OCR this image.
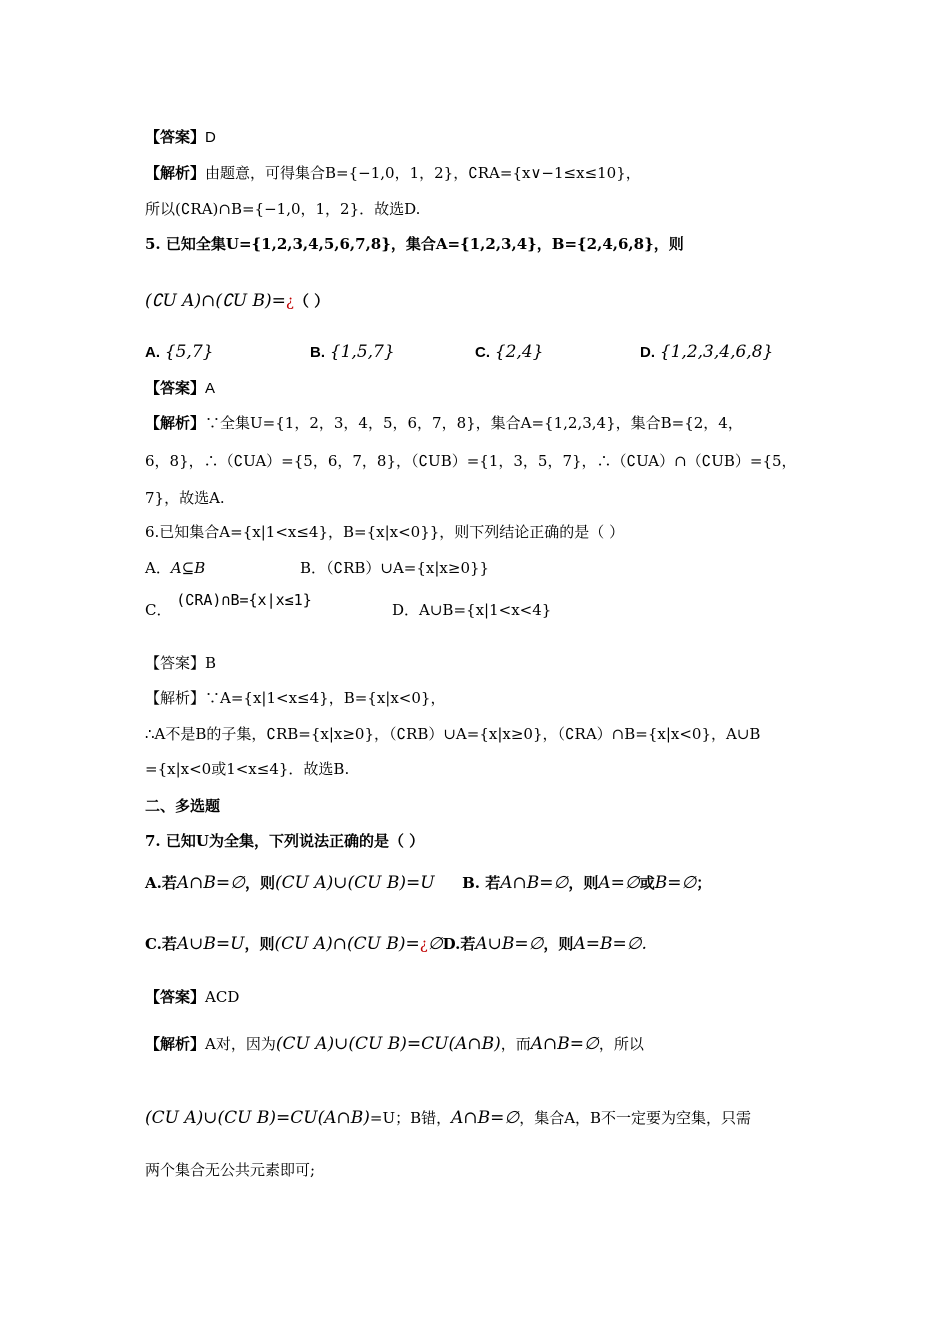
【答案】D
【解析】由题意，可得集合B={−1,0，1，2}，∁RA={x∨−1≤x≤10}，
所以(∁RA)∩B={−1,0，1，2}．故选D.
5. 已知全集U={1,2,3,4,5,6,7,8}，集合A={1,2,3,4}，B={2,4,6,8}，则
(∁U A)∩(∁U B)=¿（ ）
A. {5,7}	B. {1,5,7}	C. {2,4}	D. {1,2,3,4,6,8}
【答案】A
【解析】∵全集U={1，2，3，4，5，6，7，8}，集合A={1,2,3,4}，集合B={2，4，
6，8}，∴（∁UA）={5，6，7，8}，（∁UB）={1，3，5，7}，∴（∁UA）∩（∁UB）={5，
7}，故选A.
6.已知集合A={x|1<x≤4}，B={x|x<0}}，则下列结论正确的是（ ）
A．A⊆B	B．（∁RB）∪A={x|x≥0}}
C． (∁RA)∩B={x|x≤1}
D．A∪B={x|1<x<4}
【答案】B
【解析】∵A={x|1<x≤4}，B={x|x<0}，
∴A不是B的子集，∁RB={x|x≥0}，（∁RB）∪A={x|x≥0}，（∁RA）∩B={x|x<0}，A∪B
={x|x<0或1<x≤4}．故选B.
二、多选题
7. 已知U为全集，下列说法正确的是（ ）
A.若A∩B=∅，则(CU A)∪(CU B)=U B. 若A∩B=∅，则A=∅或B=∅；
C.若A∪B=U，则(CU A)∩(CU B)=¿∅D.若A∪B=∅，则A=B=∅.
【答案】ACD
【解析】A对，因为(CU A)∪(CU B)=CU(A∩B)，而A∩B=∅，所以
(CU A)∪(CU B)=CU(A∩B)=U；B错，A∩B=∅，集合A，B不一定要为空集，只需
两个集合无公共元素即可;
